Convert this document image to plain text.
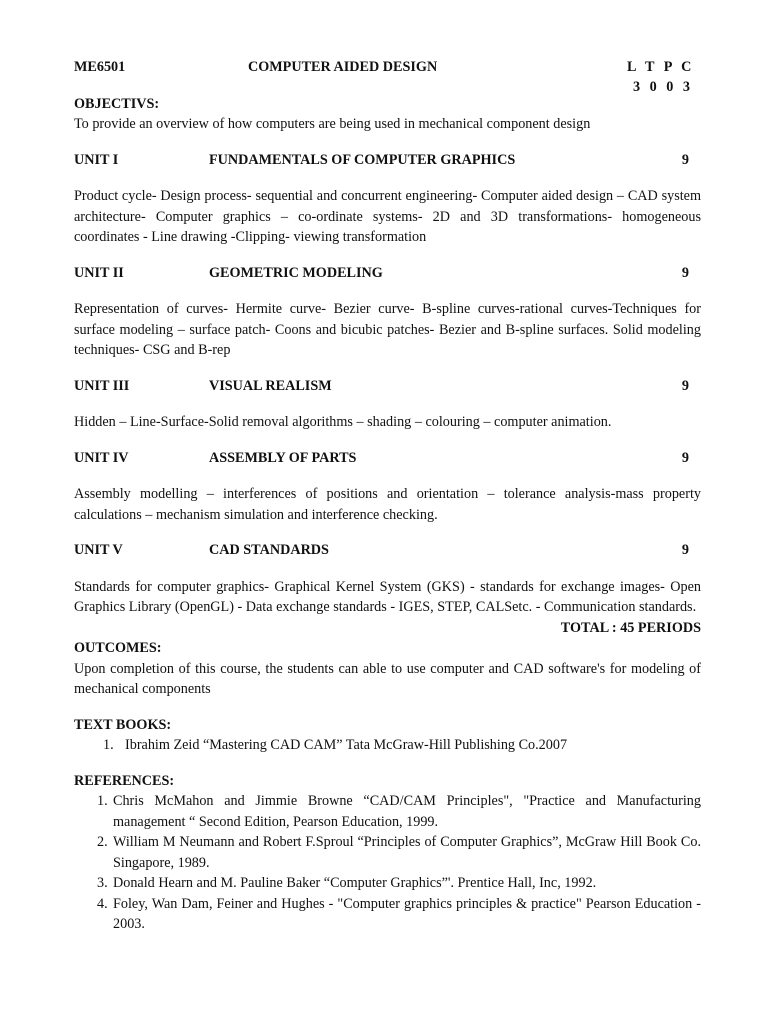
ME6501	COMPUTER AIDED DESIGN	L T P C
3 0 0 3
OBJECTIVS:
To provide an overview of how computers are being used in mechanical component design
UNIT I	FUNDAMENTALS OF COMPUTER GRAPHICS	9
Product cycle- Design process- sequential and concurrent engineering- Computer aided design – CAD system architecture- Computer graphics – co-ordinate systems- 2D and 3D transformations- homogeneous coordinates - Line drawing -Clipping- viewing transformation
UNIT II	GEOMETRIC MODELING	9
Representation of curves- Hermite curve- Bezier curve- B-spline curves-rational curves-Techniques for surface modeling – surface patch- Coons and bicubic patches- Bezier and B-spline surfaces. Solid modeling techniques- CSG and B-rep
UNIT III	VISUAL REALISM	9
Hidden – Line-Surface-Solid removal algorithms – shading – colouring – computer animation.
UNIT IV	ASSEMBLY OF PARTS	9
Assembly modelling – interferences of positions and orientation – tolerance analysis-mass property calculations – mechanism simulation and interference checking.
UNIT V	CAD STANDARDS	9
Standards for computer graphics- Graphical Kernel System (GKS) - standards for exchange images- Open Graphics Library (OpenGL) - Data exchange standards - IGES, STEP, CALSetc. - Communication standards.
TOTAL : 45 PERIODS
OUTCOMES:
Upon completion of this course, the students can able to use computer and CAD software's for modeling of mechanical components
TEXT BOOKS:
1. Ibrahim Zeid “Mastering CAD CAM” Tata McGraw-Hill Publishing Co.2007
REFERENCES:
1. Chris McMahon and Jimmie Browne “CAD/CAM Principles", "Practice and Manufacturing management “ Second Edition, Pearson Education, 1999.
2. William M Neumann and Robert F.Sproul “Principles of Computer Graphics”, McGraw Hill Book Co. Singapore, 1989.
3. Donald Hearn and M. Pauline Baker “Computer Graphics”'. Prentice Hall, Inc, 1992.
4. Foley, Wan Dam, Feiner and Hughes - "Computer graphics principles & practice" Pearson Education - 2003.
